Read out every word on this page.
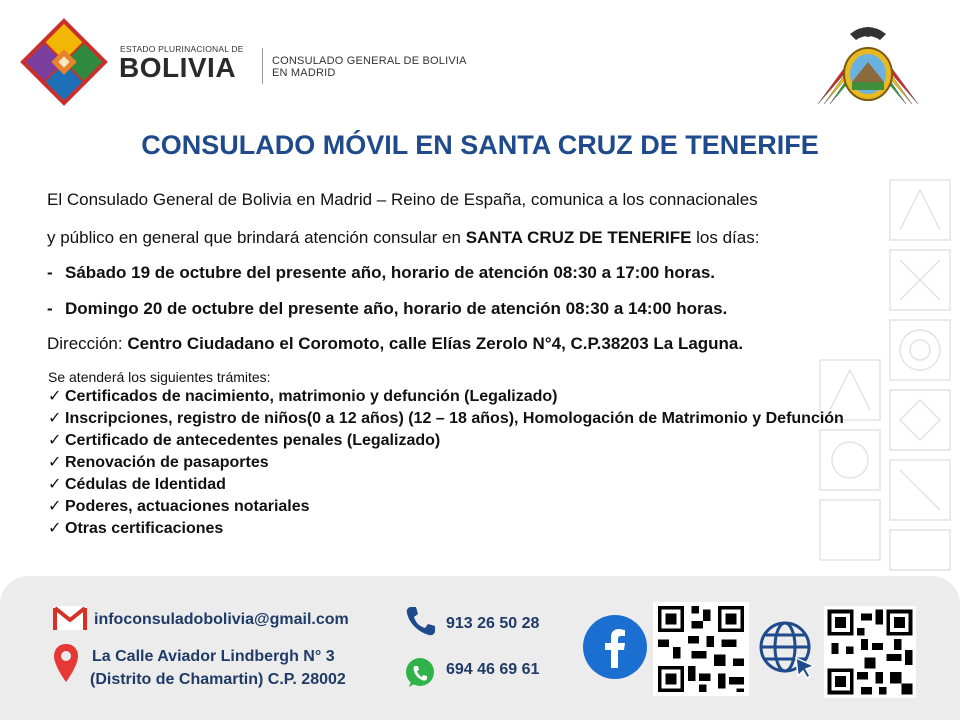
ESTADO PLURINACIONAL DE
BOLIVIA	CONSULADO GENERAL DE BOLIVIA
EN MADRID
CONSULADO MÓVIL EN SANTA CRUZ DE TENERIFE
El Consulado General de Bolivia en Madrid – Reino de España, comunica a los connacionales
y público en general que brindará atención consular en SANTA CRUZ DE TENERIFE los días:
- Sábado 19 de octubre del presente año, horario de atención 08:30 a 17:00 horas.
- Domingo 20 de octubre del presente año, horario de atención 08:30 a 14:00 horas.
Dirección: Centro Ciudadano el Coromoto, calle Elías Zerolo N°4, C.P.38203 La Laguna.
Se atenderá los siguientes trámites:
✓ Certificados de nacimiento, matrimonio y defunción (Legalizado)
✓ Inscripciones, registro de niños(0 a 12 años) (12 – 18 años), Homologación de Matrimonio y Defunción
✓ Certificado de antecedentes penales (Legalizado)
✓ Renovación de pasaportes
✓ Cédulas de Identidad
✓ Poderes, actuaciones notariales
✓ Otras certificaciones
infoconsuladobolivia@gmail.com
La Calle Aviador Lindbergh N° 3
(Distrito de Chamartin) C.P. 28002
913 26 50 28
694 46 69 61
